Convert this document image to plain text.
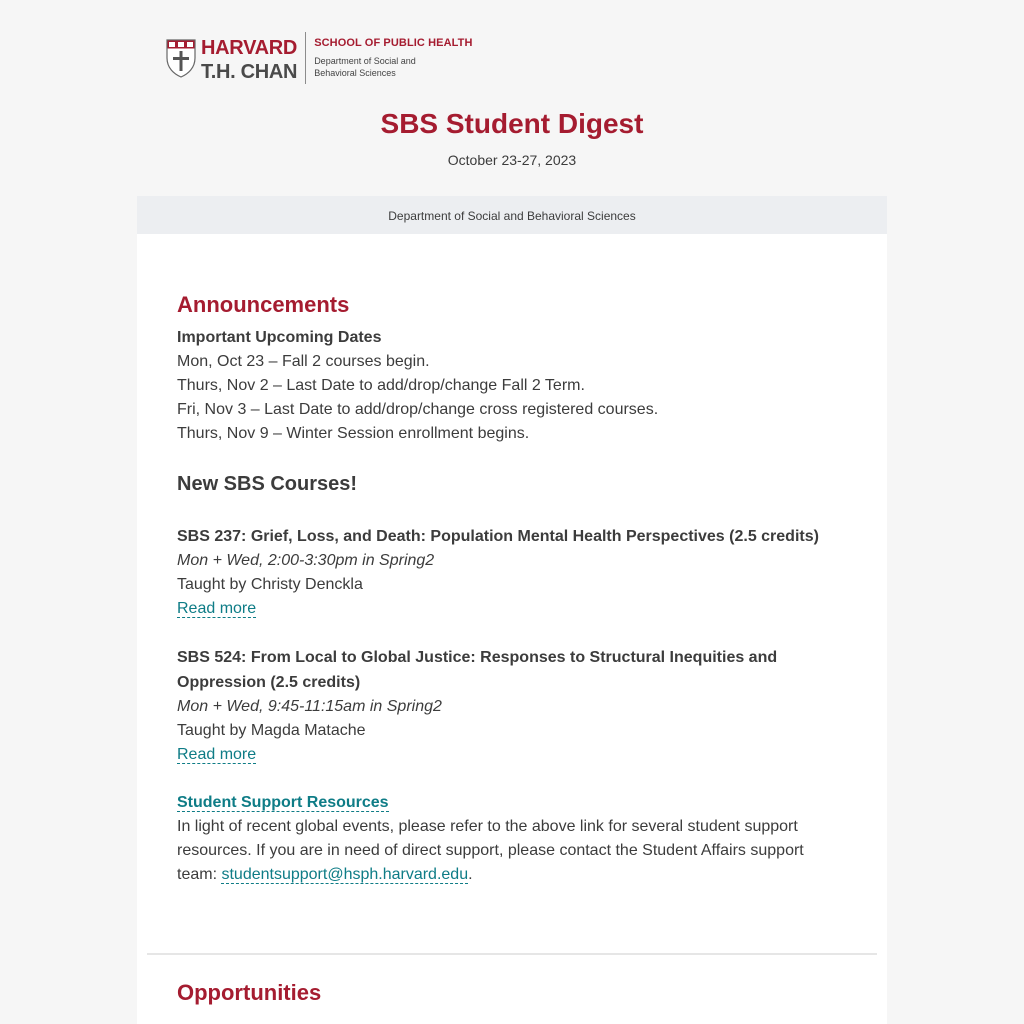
HARVARD
T.H. CHAN
SCHOOL OF PUBLIC HEALTH
Department of Social and Behavioral Sciences
SBS Student Digest
October 23-27, 2023
Department of Social and Behavioral Sciences
Announcements

Important Upcoming Dates

Mon, Oct 23 – Fall 2 courses begin.

Thurs, Nov 2 – Last Date to add/drop/change Fall 2 Term.

Fri, Nov 3 – Last Date to add/drop/change cross registered courses.

Thurs, Nov 9 – Winter Session enrollment begins.

New SBS Courses!

SBS 237: Grief, Loss, and Death: Population Mental Health Perspectives (2.5 credits)

Mon + Wed, 2:00-3:30pm in Spring2

Taught by Christy Denckla

Read more

SBS 524: From Local to Global Justice: Responses to Structural Inequities and Oppression (2.5 credits)

Mon + Wed, 9:45-11:15am in Spring2

Taught by Magda Matache

Read more

Student Support Resources

In light of recent global events, please refer to the above link for several student support resources. If you are in need of direct support, please contact the Student Affairs support team: studentsupport@hsph.harvard.edu.

Opportunities
